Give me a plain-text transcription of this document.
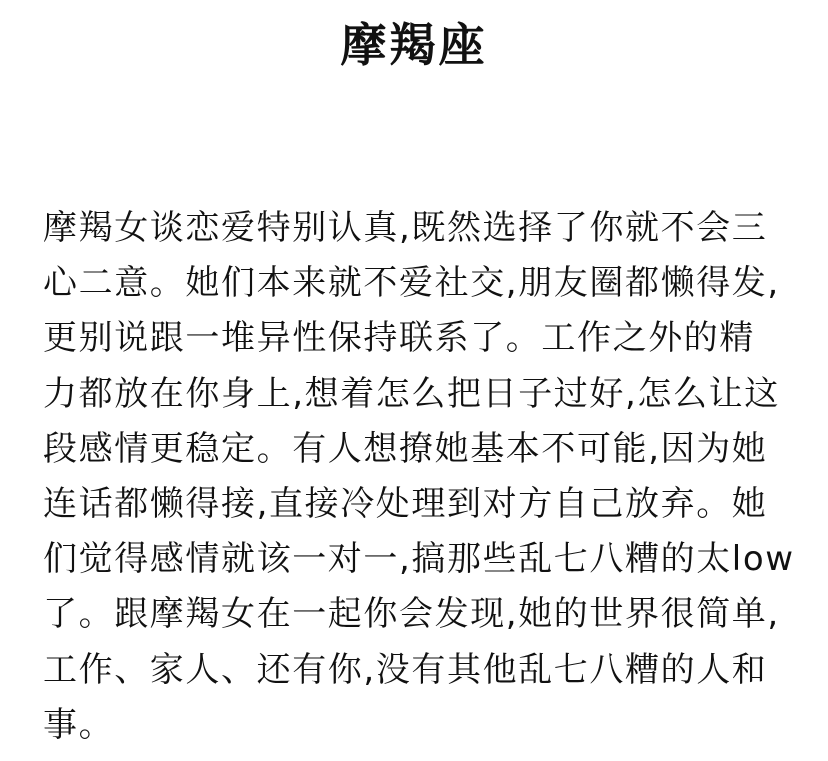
摩羯座
摩羯女谈恋爱特别认真,既然选择了你就不会三
心二意。她们本来就不爱社交,朋友圈都懒得发,
更别说跟一堆异性保持联系了。工作之外的精
力都放在你身上,想着怎么把日子过好,怎么让这
段感情更稳定。有人想撩她基本不可能,因为她
连话都懒得接,直接冷处理到对方自己放弃。她
们觉得感情就该一对一,搞那些乱七八糟的太low
了。跟摩羯女在一起你会发现,她的世界很简单,
工作、家人、还有你,没有其他乱七八糟的人和
事。
